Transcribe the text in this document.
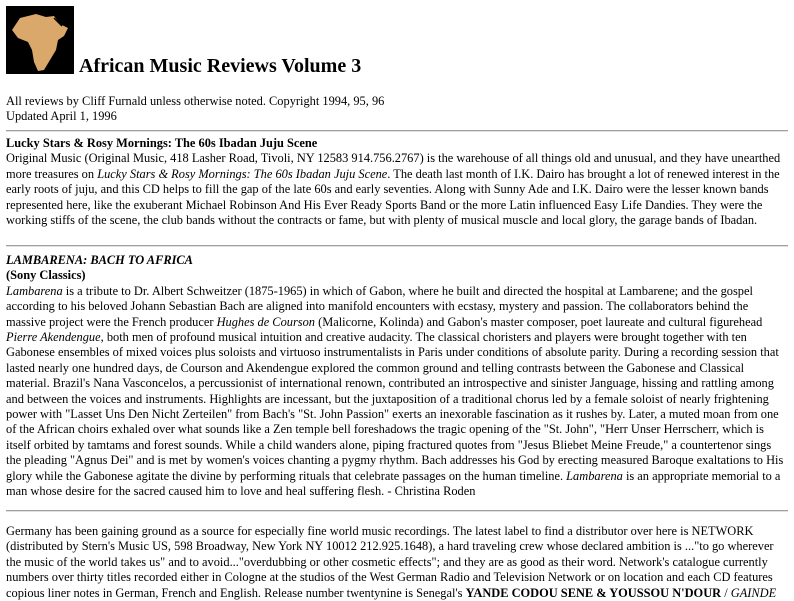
African Music Reviews Volume 3
All reviews by Cliff Furnald unless otherwise noted. Copyright 1994, 95, 96
Updated April 1, 1996
Lucky Stars & Rosy Mornings: The 60s Ibadan Juju Scene
Original Music (Original Music, 418 Lasher Road, Tivoli, NY 12583 914.756.2767) is the warehouse of all things old and unusual, and they have unearthed
more treasures on Lucky Stars & Rosy Mornings: The 60s Ibadan Juju Scene. The death last month of I.K. Dairo has brought a lot of renewed interest in the
early roots of juju, and this CD helps to fill the gap of the late 60s and early seventies. Along with Sunny Ade and I.K. Dairo were the lesser known bands
represented here, like the exuberant Michael Robinson And His Ever Ready Sports Band or the more Latin influenced Easy Life Dandies. They were the
working stiffs of the scene, the club bands without the contracts or fame, but with plenty of musical muscle and local glory, the garage bands of Ibadan.
LAMBARENA: BACH TO AFRICA
(Sony Classics)
Lambarena is a tribute to Dr. Albert Schweitzer (1875-1965) in which of Gabon, where he built and directed the hospital at Lambarene; and the gospel
according to his beloved Johann Sebastian Bach are aligned into manifold encounters with ecstasy, mystery and passion. The collaborators behind the
massive project were the French producer Hughes de Courson (Malicorne, Kolinda) and Gabon's master composer, poet laureate and cultural figurehead
Pierre Akendengue, both men of profound musical intuition and creative audacity. The classical choristers and players were brought together with ten
Gabonese ensembles of mixed voices plus soloists and virtuoso instrumentalists in Paris under conditions of absolute parity. During a recording session that
lasted nearly one hundred days, de Courson and Akendengue explored the common ground and telling contrasts between the Gabonese and Classical
material. Brazil's Nana Vasconcelos, a percussionist of international renown, contributed an introspective and sinister Janguage, hissing and rattling among
and between the voices and instruments. Highlights are incessant, but the juxtaposition of a traditional chorus led by a female soloist of nearly frightening
power with "Lasset Uns Den Nicht Zerteilen" from Bach's "St. John Passion" exerts an inexorable fascination as it rushes by. Later, a muted moan from one
of the African choirs exhaled over what sounds like a Zen temple bell foreshadows the tragic opening of the "St. John", "Herr Unser Herrscherr, which is
itself orbited by tamtams and forest sounds. While a child wanders alone, piping fractured quotes from "Jesus Bliebet Meine Freude," a countertenor sings
the pleading "Agnus Dei" and is met by women's voices chanting a pygmy rhythm. Bach addresses his God by erecting measured Baroque exaltations to His
glory while the Gabonese agitate the divine by performing rituals that celebrate passages on the human timeline. Lambarena is an appropriate memorial to a
man whose desire for the sacred caused him to love and heal suffering flesh. - Christina Roden
Germany has been gaining ground as a source for especially fine world music recordings. The latest label to find a distributor over here is NETWORK
(distributed by Stern's Music US, 598 Broadway, New York NY 10012 212.925.1648), a hard traveling crew whose declared ambition is ..."to go wherever
the music of the world takes us" and to avoid..."overdubbing or other cosmetic effects"; and they are as good as their word. Network's catalogue currently
numbers over thirty titles recorded either in Cologne at the studios of the West German Radio and Television Network or on location and each CD features
copious liner notes in German, French and English. Release number twentynine is Senegal's YANDE CODOU SENE & YOUSSOU N'DOUR / GAINDE
